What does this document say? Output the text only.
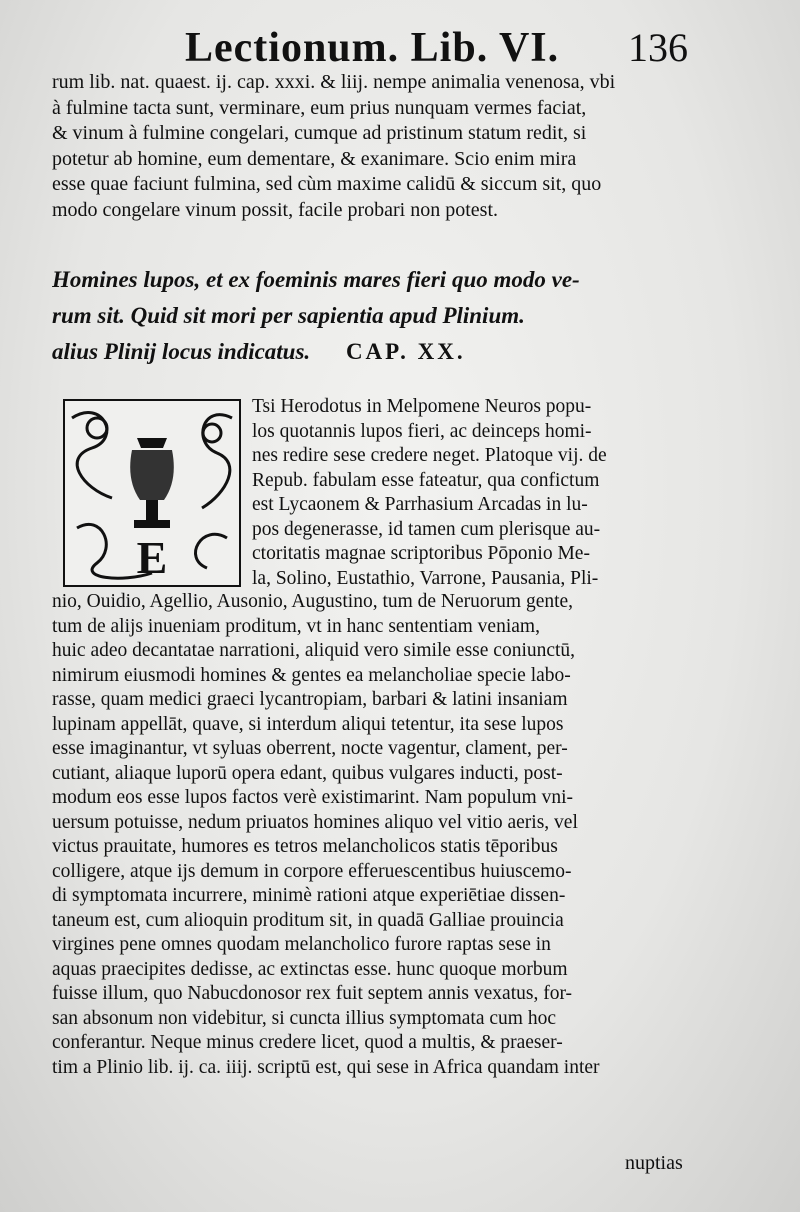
Lectionum. Lib. VI. 136
rum lib. nat. quaest. ij. cap. xxxi. & liij. nempe animalia venenosa, vbi
à fulmine tacta sunt, verminare, eum prius nunquam vermes faciat,
& vinum à fulmine congelari, cumque ad pristinum statum redit, si
potetur ab homine, eum dementare, & exanimare. Scio enim mira
esse quae faciunt fulmina, sed cùm maxime calidū & siccum sit, quo
modo congelare vinum possit, facile probari non potest.
Homines lupos, et ex foeminis mares fieri quo modo ve-
rum sit. Quid sit mori per sapientia apud Plinium.
alius Plinij locus indicatus. CAP. XX.
E
Tsi Herodotus in Melpomene Neuros popu-
los quotannis lupos fieri, ac deinceps homi-
nes redire sese credere neget. Platoque vij. de
Repub. fabulam esse fateatur, qua confictum
est Lycaonem & Parrhasium Arcadas in lu-
pos degenerasse, id tamen cum plerisque au-
ctoritatis magnae scriptoribus Pōponio Me-
la, Solino, Eustathio, Varrone, Pausania, Pli-
nio, Ouidio, Agellio, Ausonio, Augustino, tum de Neruorum gente,
tum de alijs inueniam proditum, vt in hanc sententiam veniam,
huic adeo decantatae narrationi, aliquid vero simile esse coniunctū,
nimirum eiusmodi homines & gentes ea melancholiae specie labo-
rasse, quam medici graeci lycantropiam, barbari & latini insaniam
lupinam appellāt, quave, si interdum aliqui tetentur, ita sese lupos
esse imaginantur, vt syluas oberrent, nocte vagentur, clament, per-
cutiant, aliaque luporū opera edant, quibus vulgares inducti, post-
modum eos esse lupos factos verè existimarint. Nam populum vni-
uersum potuisse, nedum priuatos homines aliquo vel vitio aeris, vel
victus prauitate, humores es tetros melancholicos statis tēporibus
colligere, atque ijs demum in corpore efferuescentibus huiuscemo-
di symptomata incurrere, minimè rationi atque experiētiae dissen-
taneum est, cum alioquin proditum sit, in quadā Galliae prouincia
virgines pene omnes quodam melancholico furore raptas sese in
aquas praecipites dedisse, ac extinctas esse. hunc quoque morbum
fuisse illum, quo Nabucdonosor rex fuit septem annis vexatus, for-
san absonum non videbitur, si cuncta illius symptomata cum hoc
conferantur. Neque minus credere licet, quod a multis, & praeser-
tim a Plinio lib. ij. ca. iiij. scriptū est, qui sese in Africa quandam inter
nuptias
